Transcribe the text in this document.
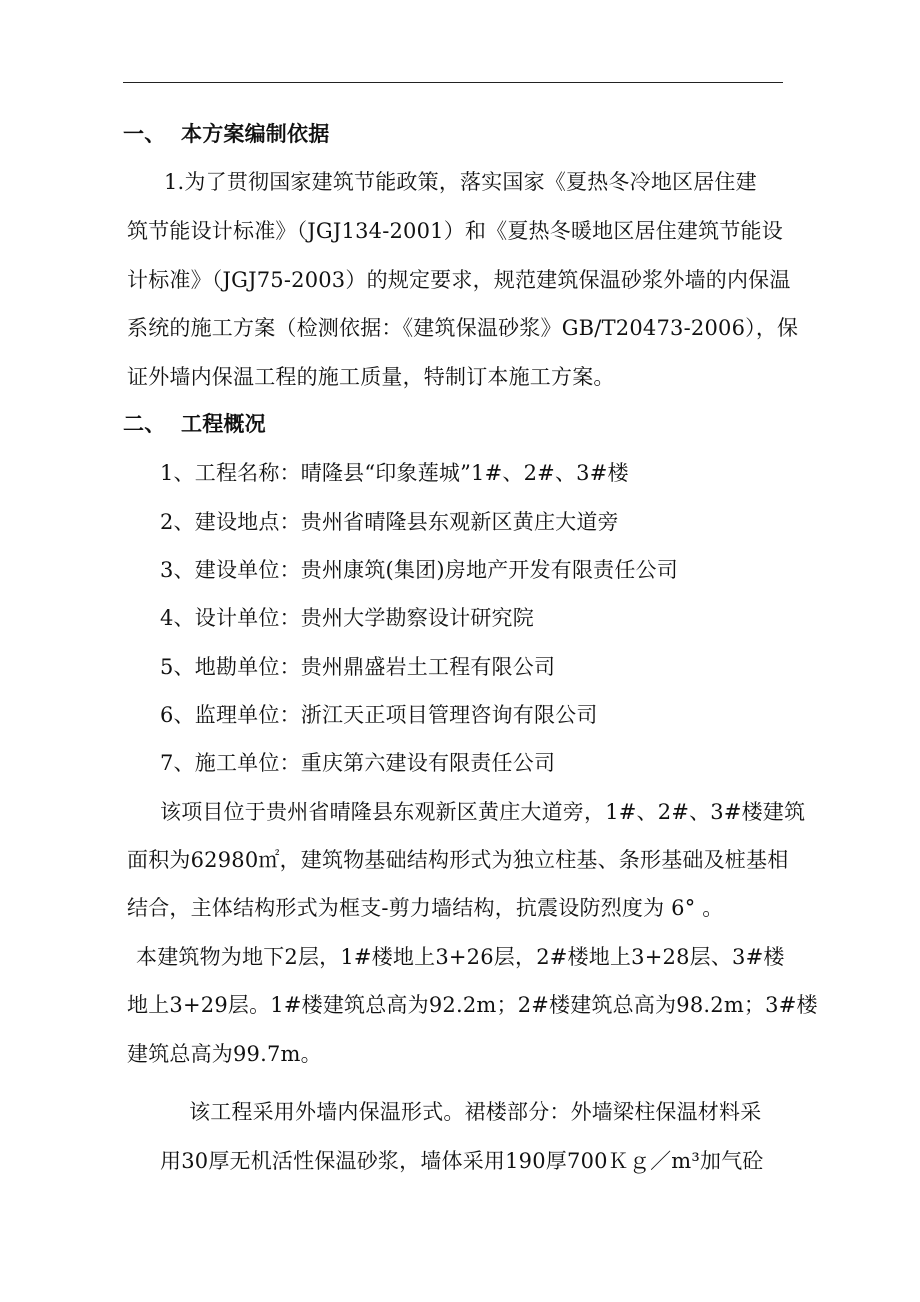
一、 本方案编制依据
1.为了贯彻国家建筑节能政策，落实国家《夏热冬冷地区居住建
筑节能设计标准》（JGJ134-2001）和《夏热冬暖地区居住建筑节能设
计标准》（JGJ75-2003）的规定要求，规范建筑保温砂浆外墙的内保温
系统的施工方案（检测依据：《建筑保温砂浆》GB/T20473-2006），保
证外墙内保温工程的施工质量，特制订本施工方案。
二、 工程概况
1、工程名称：晴隆县“印象莲城”1#、2#、3#楼
2、建设地点：贵州省晴隆县东观新区黄庄大道旁
3、建设单位：贵州康筑(集团)房地产开发有限责任公司
4、设计单位：贵州大学勘察设计研究院
5、地勘单位：贵州鼎盛岩土工程有限公司
6、监理单位：浙江天正项目管理咨询有限公司
7、施工单位：重庆第六建设有限责任公司
该项目位于贵州省晴隆县东观新区黄庄大道旁，1#、2#、3#楼建筑
面积为62980㎡，建筑物基础结构形式为独立柱基、条形基础及桩基相
结合，主体结构形式为框支-剪力墙结构，抗震设防烈度为 6° 。
本建筑物为地下2层，1#楼地上3+26层，2#楼地上3+28层、3#楼
地上3+29层。1#楼建筑总高为92.2m；2#楼建筑总高为98.2m；3#楼
建筑总高为99.7m。
该工程采用外墙内保温形式。裙楼部分：外墙梁柱保温材料采
用30厚无机活性保温砂浆，墙体采用190厚700Ｋｇ／m³加气砼
